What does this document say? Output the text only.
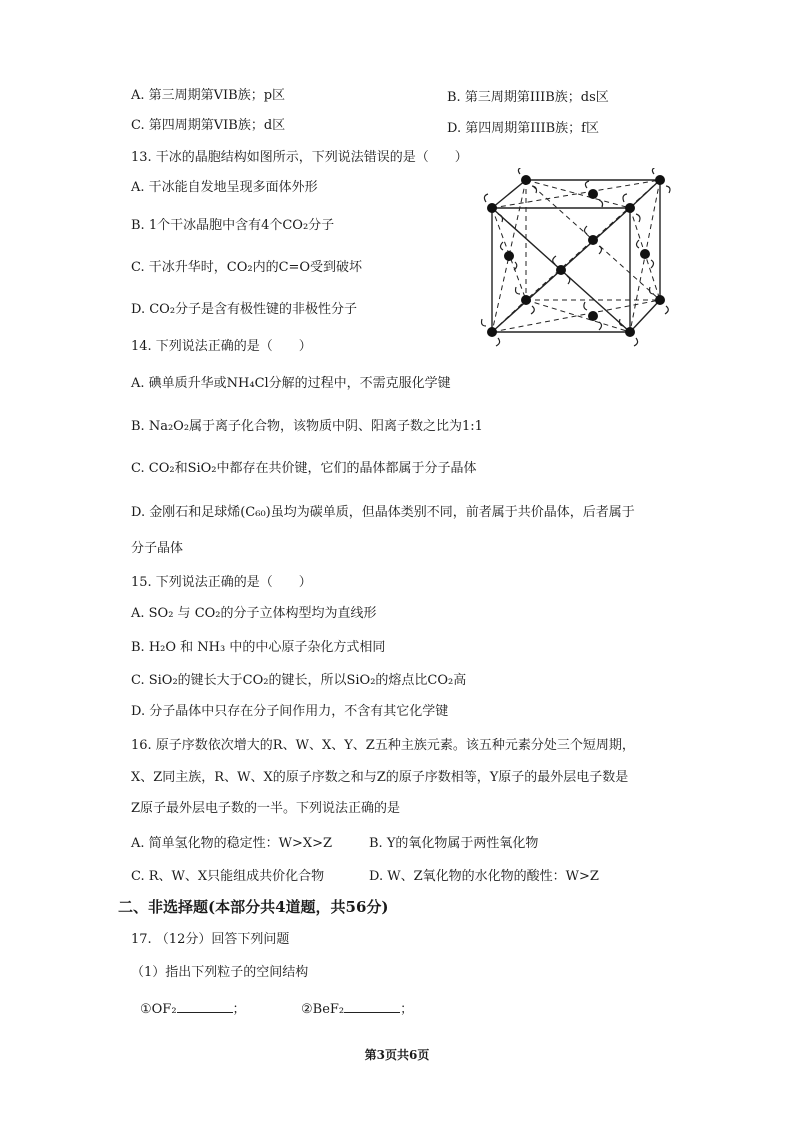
A. 第三周期第VIB族；p区	B. 第三周期第IIIB族；ds区
C. 第四周期第VIB族；d区	D. 第四周期第IIIB族；f区
13. 干冰的晶胞结构如图所示，下列说法错误的是（　　）
A. 干冰能自发地呈现多面体外形
B. 1个干冰晶胞中含有4个CO₂分子
C. 干冰升华时，CO₂内的C=O受到破坏
D. CO₂分子是含有极性键的非极性分子
14. 下列说法正确的是（　　）
A. 碘单质升华或NH₄Cl分解的过程中，不需克服化学键
B. Na₂O₂属于离子化合物，该物质中阴、阳离子数之比为1:1
C. CO₂和SiO₂中都存在共价键，它们的晶体都属于分子晶体
D. 金刚石和足球烯(C₆₀)虽均为碳单质，但晶体类别不同，前者属于共价晶体，后者属于
分子晶体
15. 下列说法正确的是（　　）
A. SO₂ 与 CO₂的分子立体构型均为直线形
B. H₂O 和 NH₃ 中的中心原子杂化方式相同
C. SiO₂的键长大于CO₂的键长，所以SiO₂的熔点比CO₂高
D. 分子晶体中只存在分子间作用力，不含有其它化学键
16. 原子序数依次增大的R、W、X、Y、Z五种主族元素。该五种元素分处三个短周期，
X、Z同主族，R、W、X的原子序数之和与Z的原子序数相等，Y原子的最外层电子数是
Z原子最外层电子数的一半。下列说法正确的是
A. 简单氢化物的稳定性：W>X>Z	B. Y的氧化物属于两性氧化物
C. R、W、X只能组成共价化合物	D. W、Z氧化物的水化物的酸性：W>Z
二、非选择题(本部分共4道题，共56分)
17. （12分）回答下列问题
（1）指出下列粒子的空间结构
①OF₂	；	②BeF₂	；
第3页共6页
